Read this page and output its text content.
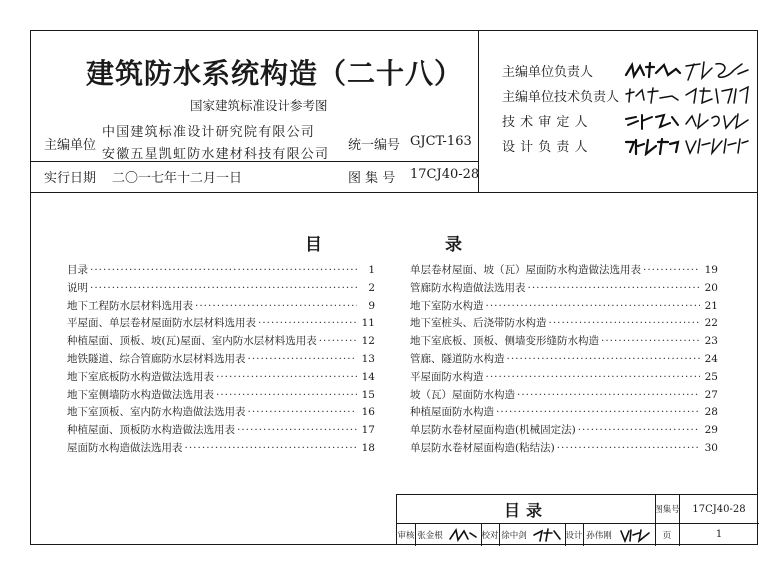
建筑防水系统构造（二十八）
国家建筑标准设计参考图
主编单位
中国建筑标准设计研究院有限公司
安徽五星凯虹防水建材科技有限公司
统一编号 GJCT-163
实行日期 二〇一七年十二月一日	图 集 号 17CJ40-28
主编单位负责人
主编单位技术负责人
技 术 审 定 人
设 计 负 责 人
目	录
目录 ·····	1
说明 ·····	2
地下工程防水层材料选用表 ·····	9
平屋面、单层卷材屋面防水层材料选用表 ·····	11
种植屋面、顶板、坡(瓦)屋面、室内防水层材料选用表 ·····	12
地铁隧道、综合管廊防水层材料选用表 ·····	13
地下室底板防水构造做法选用表 ·····	14
地下室侧墙防水构造做法选用表 ·····	15
地下室顶板、室内防水构造做法选用表 ·····	16
种植屋面、顶板防水构造做法选用表 ·····	17
屋面防水构造做法选用表 ·····	18
单层卷材屋面、坡（瓦）屋面防水构造做法选用表 ·····	19
管廊防水构造做法选用表 ·····	20
地下室防水构造 ·····	21
地下室桩头、后浇带防水构造 ·····	22
地下室底板、顶板、侧墙变形缝防水构造 ·····	23
管廊、隧道防水构造 ·····	24
平屋面防水构造 ·····	25
坡（瓦）屋面防水构造 ·····	27
种植屋面防水构造 ·····	28
单层防水卷材屋面构造(机械固定法) ·····	29
单层防水卷材屋面构造(粘结法) ·····	30
目录	图集号	17CJ40-28
审核 张金根	校对 徐中剑	设计 孙伟刚	页	1
